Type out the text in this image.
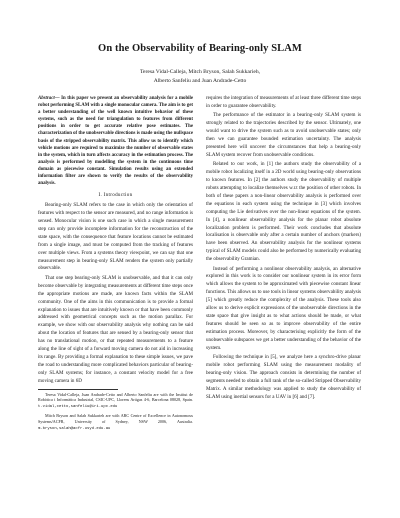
On the Observability of Bearing-only SLAM
Teresa Vidal-Calleja, Mitch Bryson, Salah Sukkarieh,
Alberto Sanfeliu and Juan Andrade-Cetto

Abstract— In this paper we present an observability analysis for a mobile robot performing SLAM with a single monocular camera. The aim is to get a better understanding of the well known intuitive behavior of these systems, such as the need for triangulation to features from different positions in order to get accurate relative pose estimates. The characterization of the unobservable directions is made using the nullspace basis of the stripped observability matrix. This allow us to identify which vehicle motions are required to maximize the number of observable states in the system, which in turn affects accuracy in the estimation process. The analysis is performed by modelling the system in the continuous time domain as piecewise constant. Simulation results using an extended information filter are shown to verify the results of the observability analysis.

I. Introduction

Bearing-only SLAM refers to the case in which only the orientation of features with respect to the sensor are measured, and no range information is sensed. Monocular vision is one such case in which a single measurement step can only provide incomplete information for the reconstruction of the state space, with the consequence that feature locations cannot be estimated from a single image, and must be computed from the tracking of features over multiple views. From a systems theory viewpoint, we can say that one measurement step in bearing-only SLAM renders the system only partially observable.

That one step bearing-only SLAM is unobservable, and that it can only become observable by integrating measurements at different time steps once the appropriate motions are made, are known facts within the SLAM community. One of the aims in this communication is to provide a formal explanation to issues that are intuitively known or that have been commonly addressed with geometrical concepts such as the motion parallax. For example, we show with our observability analysis why nothing can be said about the location of features that are sensed by a bearing-only sensor that has no translational motion, or that repeated measurements to a feature along the line of sight of a forward moving camera do not aid in increasing its range. By providing a formal explanation to these simple issues, we pave the road to understanding more complicated behaviors particular of bearing-only SLAM systems; for instance, a constant velocity model for a free moving camera in 6D

Teresa Vidal-Calleja, Juan Andrade-Cetto and Alberto Sanfeliu are with the Institut de Robòtica i Informàtica Industrial, CSIC-UPC, Llorens Artigas 4-6, Barcelona 08028, Spain. t.vidal,cetto,sanfeliu@iri.upc.edu

Mitch Bryson and Salah Sukkarieh are with ARC Centre of Excellence in Autonomous Systems/ACFR, University of Sydney, NSW 2006, Australia. m.bryson,salah@acfr.usyd.edu.au

requires the integration of measurements of at least three different time steps in order to guarantee observability.

The performance of the estimator in a bearing-only SLAM system is strongly related to the trajectories described by the sensor. Ultimately, one would want to drive the system such as to avoid unobservable states; only then we can guarantee bounded estimation uncertainty. The analysis presented here will uncover the circumstances that help a bearing-only SLAM system recover from unobservable conditions.

Related to our work, in [1] the authors study the observability of a mobile robot localizing itself in a 2D world using bearing-only observations to known features. In [2] the authors study the observability of multiple robots attempting to localize themselves w.r.t the position of other robots. In both of these papers a non-linear observability analysis is performed over the equations in each system using the technique in [3] which involves computing the Lie derivatives over the non-linear equations of the system. In [4], a nonlinear observability analysis for the planar robot absolute localization problem is performed. Their work concludes that absolute localisation is observable only after a certain number of anchors (markers) have been observed. An observability analysis for the nonlinear systems typical of SLAM models could also be performed by numerically evaluating the observability Gramian.

Instead of performing a nonlinear observability analysis, an alternative explored in this work is to consider our nonlinear system in its error form which allows the system to be approximated with piecewise constant linear functions. This allows us to use tools in linear systems observability analysis [5] which greatly reduce the complexity of the analysis. These tools also allow us to derive explicit expressions of the unobservable directions in the state space that give insight as to what actions should be made, or what features should be seen so as to improve observability of the entire estimation process. Moreover, by characterising explicitly the form of the unobservable subspaces we get a better understanding of the behavior of the system.

Following the technique in [5], we analyze here a synchro-drive planar mobile robot performing SLAM using the measurement modality of bearing-only vision. The approach consists in determining the number of segments needed to obtain a full rank of the so-called Stripped Observability Matrix. A similar methodology was applied to study the observability of SLAM using inertial sensors for a UAV in [6] and [7].
